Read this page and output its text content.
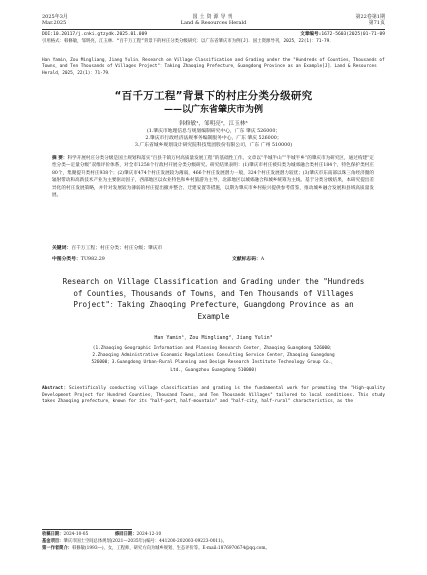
2025年3月
Mar.2025
国土资源导刊
Land & Resources Herald
第22卷第1期
第71页
DOI:10.20117/j.cnki.gtzydk.2025.01.009	文章编号:1672-5603(2025)01-71-09
引用格式：韩修敏，邹明亮，江玉林．“百千万工程”背景下的村庄分类分级研究：以广东省肇庆市为例[J]．国土资源导刊，2025，22(1)：71-79．
Han Yamin，Zou Mingliang，Jiang Yulin．Research on Village Classification and Grading under the "Hundreds of Counties，Thousands of Towns，and Ten Thousands of Villages Project"：Taking Zhaoqing Prefecture，Guangdong Province as an Example[J]．Land & Resources Herald，2025，22(1)：71-79．
“百千万工程”背景下的村庄分类分级研究
——以广东省肇庆市为例
韩修敏¹，邹明亮²，江玉林³
(1.肇庆市地理信息与规划编制研究中心，广东 肇庆 526000；
2.肇庆市行政经济法规事务编制服务中心，广东 肇庆 526000；
3.广东省城乡规划设计研究院科技集团股份有限公司，广东 广州 510000)
摘 要：科学开展村庄分类分级是国土规划和落实“百县千镇万村高质量发展工程”的基础性工作。文章以“半城半山”“半城半乡”的肇庆市为研究区，通过构建“定性分类—定量分级”双维评价体系，对全市1258个行政村开展分类分级研究。研究结果表明：(1)肇庆市村庄被归类为城郊融合类村庄184个，特色保护类村庄80个，集聚提升类村庄938个；(2)肇庆市474个村庄发展较为薄弱，466个村庄发展潜力一般，324个村庄发展潜力较优；(3)肇庆市东南部以珠三角经济圈的辐射带动和高新技术产业为主要驱动因子，西部地区以农业特色和乡村旅游为主导，北部地区以城郊融合和城乡统筹为主线。基于分类分级结果，本研究提出差异化的村庄发展策略，并针对发展较为薄弱的村庄提出撤并整合、迁建安置等措施，以期为肇庆市乡村振兴提供参考借鉴，推动城乡融合发展和县域高质量发展。
关键词：百千万工程；村庄分类；村庄分级；肇庆市
中图分类号：TU982.29	文献标志码：A
Research on Village Classification and Grading under the "Hundreds of Counties，Thousands of Towns，and Ten Thousands of Villages Project"：Taking Zhaoqing Prefecture，Guangdong Province as an Example
Han Yamin¹，Zou Mingliang²，Jiang Yulin³
(1.Zhaoqing Geographic Information and Planning Research Center，Zhaoqing Guangdong 526000；
2.Zhaoqing Administrative Economic Regulations Consulting Service Center，Zhaoqing Guangdong
526000；3.Guangdong Urban-Rural Planning and Design Research Institute Technology Group Co.，
Ltd.，Guangzhou Guangdong 510000)
Abstract：Scientifically conducting village classification and grading is the fundamental work for promoting the "High-quality Development Project for Hundred Counties，Thousand Towns，and Ten Thousands Villages" tailored to local conditions. This study takes Zhaoqing prefecture，known for its "half-port，half-mountain" and "half-city，half-rural" characteristics，as the
收稿日期：2024-10-05	修回日期：2024-12-10
基金项目：肇庆市国土空间总体规划(2021—2035年)(编号：441200-202003-09223-0011)。
第一作者简介：韩修敏(1993—)，女，工程师，研究方向为城乡规划、生态评价等。E-mail:1876970674@qq.com。
